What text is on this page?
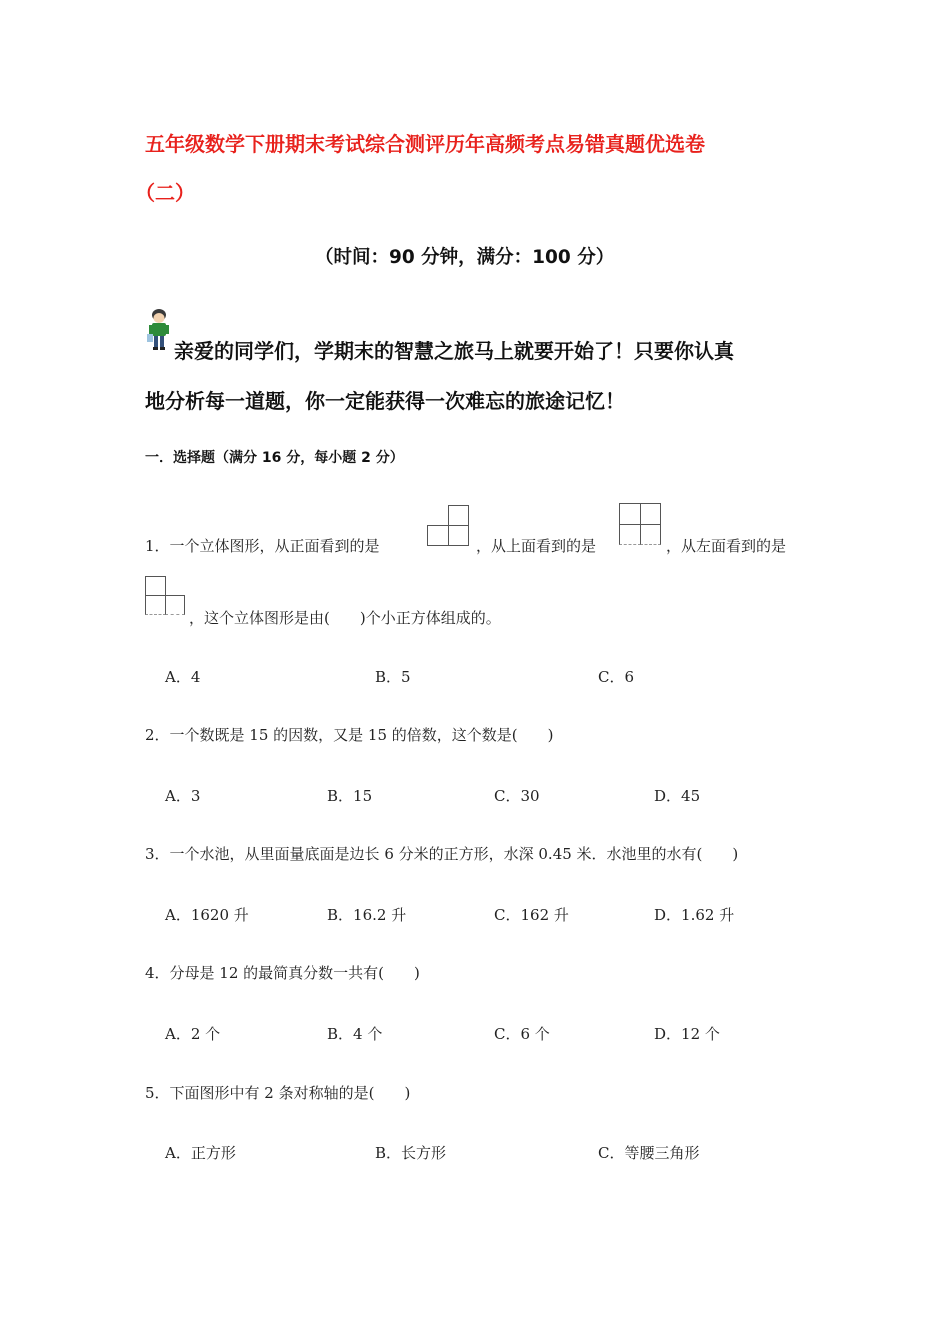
五年级数学下册期末考试综合测评历年高频考点易错真题优选卷
（二）
（时间：90 分钟，满分：100 分）
亲爱的同学们，学期末的智慧之旅马上就要开始了！只要你认真
地分析每一道题，你一定能获得一次难忘的旅途记忆！
一．选择题（满分 16 分，每小题 2 分）
1．一个立体图形，从正面看到的是	，从上面看到的是	，从左面看到的是
，这个立体图形是由(　　)个小正方体组成的。
A．4	B．5	C．6
2．一个数既是 15 的因数，又是 15 的倍数，这个数是(　　)
A．3	B．15	C．30	D．45
3．一个水池，从里面量底面是边长 6 分米的正方形，水深 0.45 米．水池里的水有(　　)
A．1620 升	B．16.2 升	C．162 升	D．1.62 升
4．分母是 12 的最简真分数一共有(　　)
A．2 个	B．4 个	C．6 个	D．12 个
5．下面图形中有 2 条对称轴的是(　　)
A．正方形	B．长方形	C．等腰三角形
